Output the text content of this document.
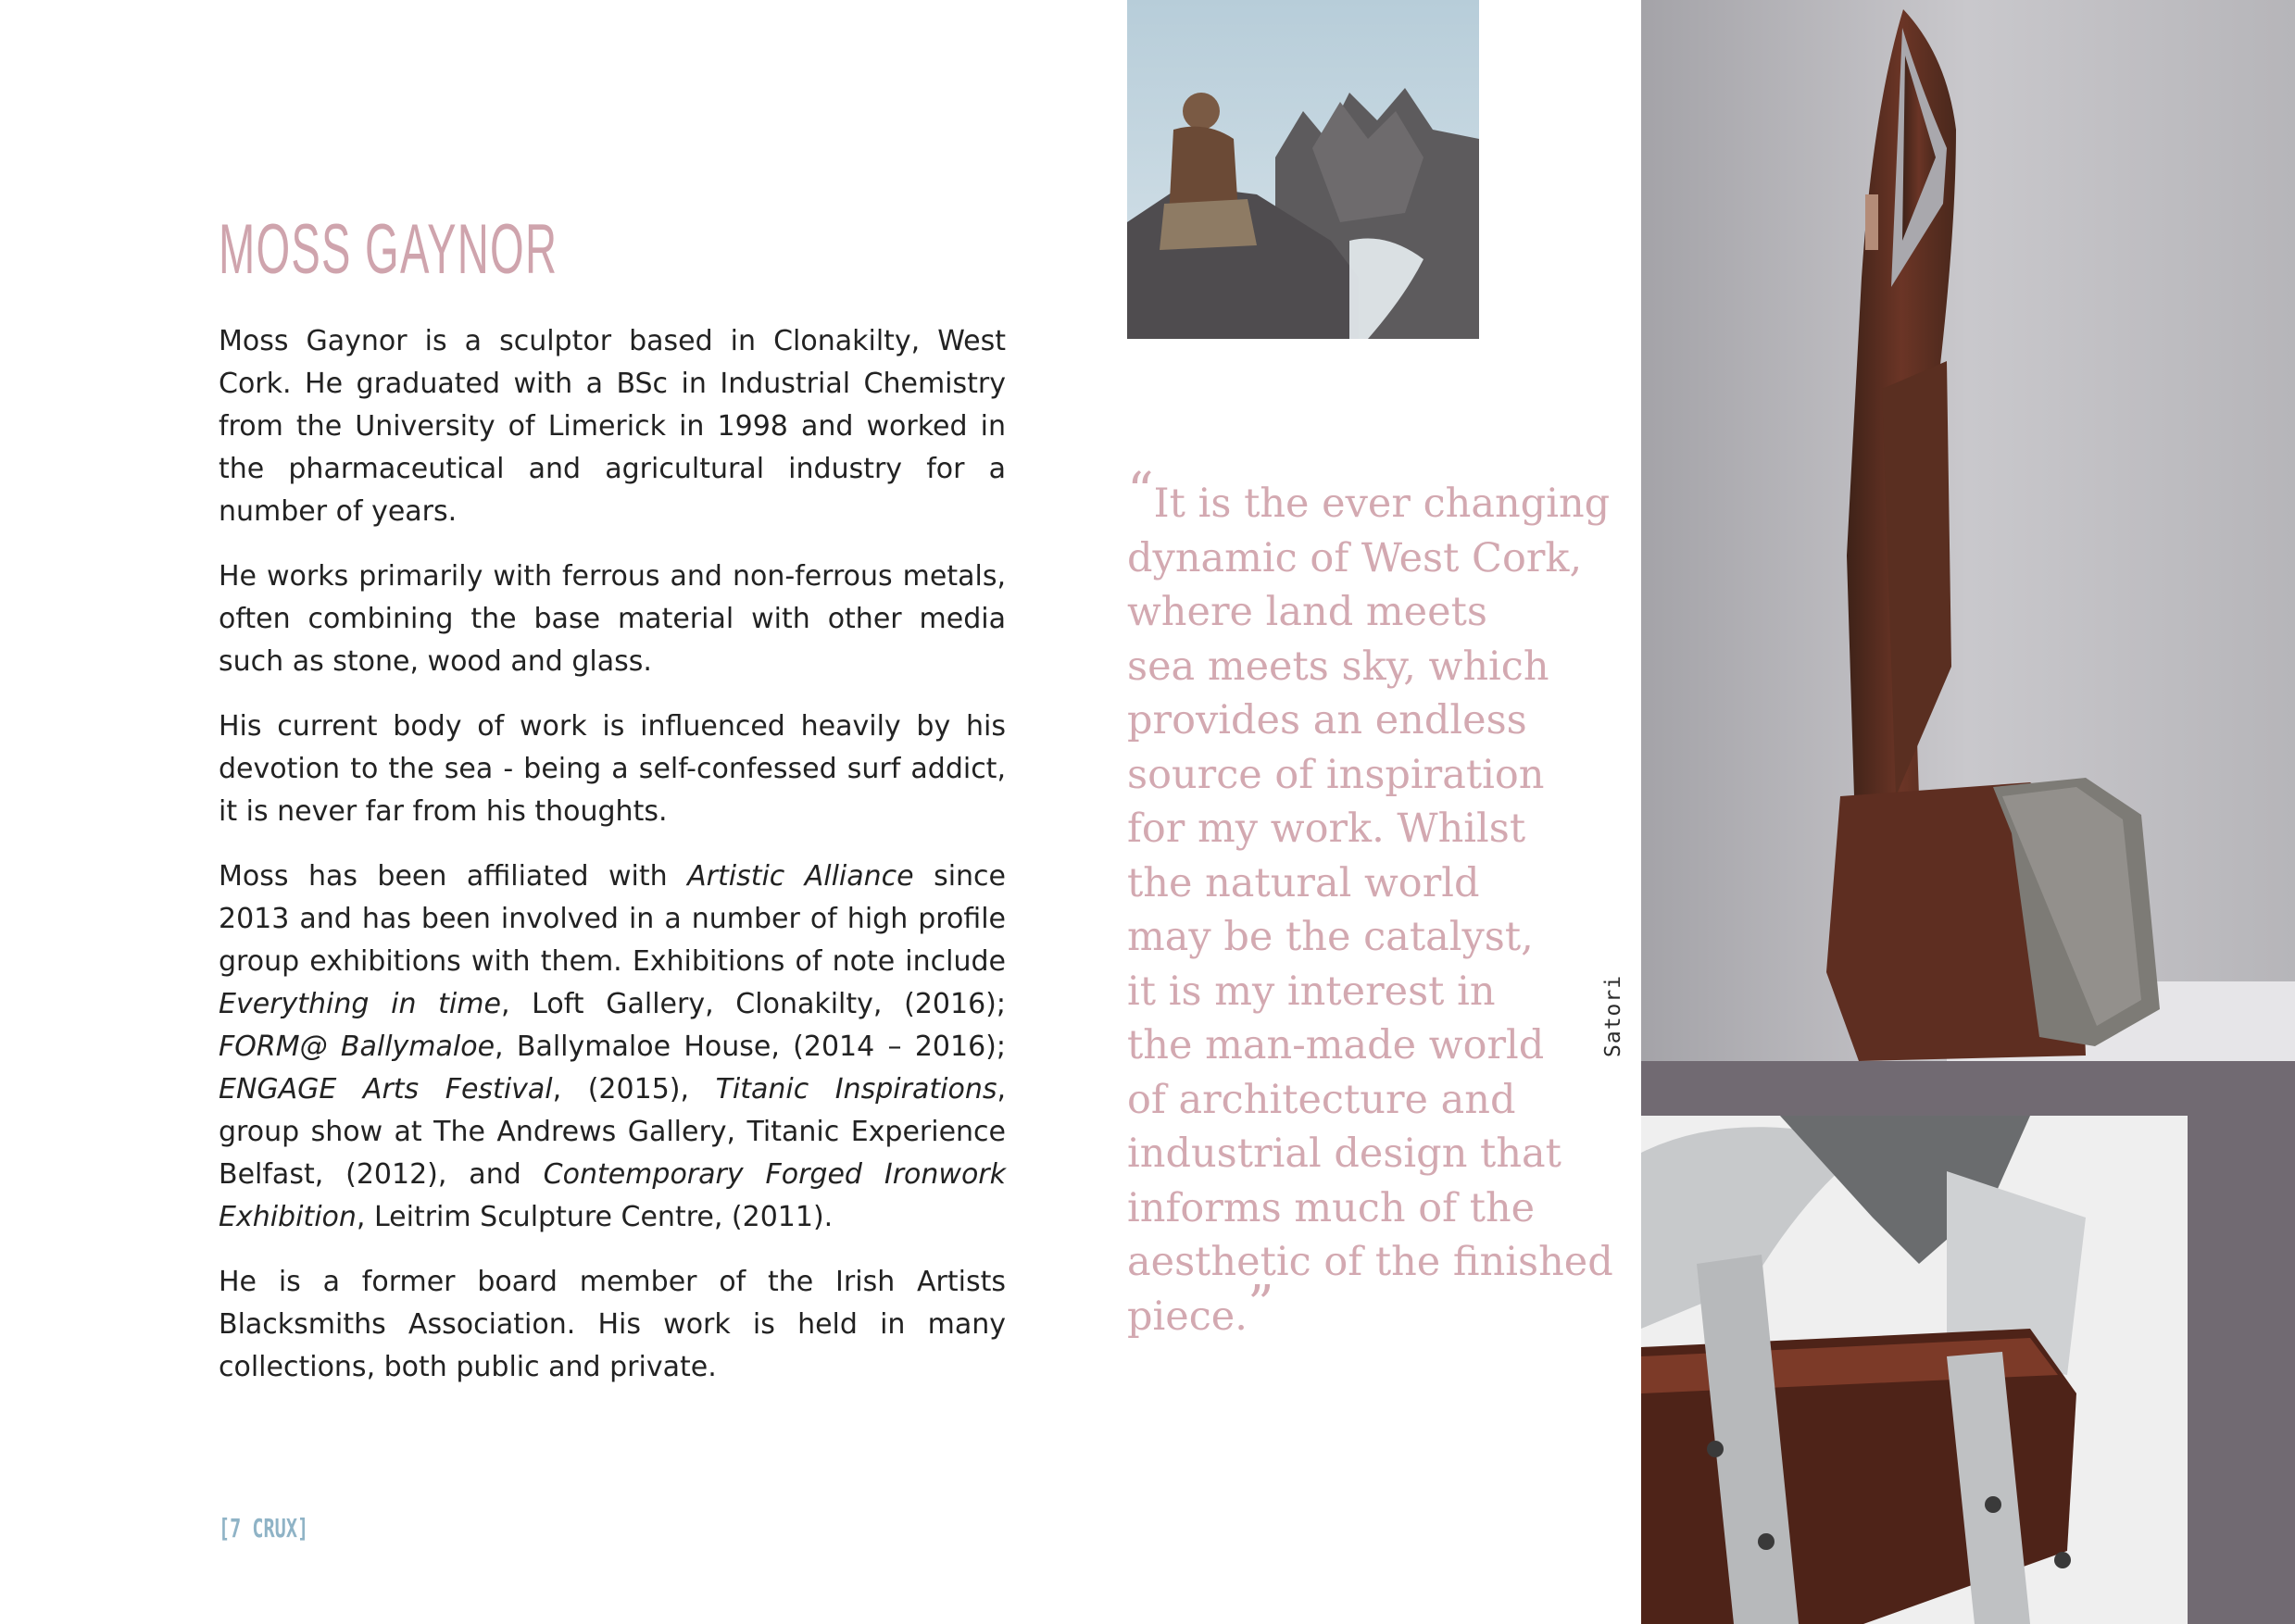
MOSS GAYNOR

Moss Gaynor is a sculptor based in Clonakilty, West Cork. He graduated with a BSc in Industrial Chemistry from the University of Limerick in 1998 and worked in the pharmaceutical and agricultural industry for a number of years.

He works primarily with ferrous and non-ferrous metals, often combining the base material with other media such as stone, wood and glass.

His current body of work is influenced heavily by his devotion to the sea - being a self-confessed surf addict, it is never far from his thoughts.

Moss has been affiliated with Artistic Alliance since 2013 and has been involved in a number of high profile group exhibitions with them. Exhibitions of note include Everything in time, Loft Gallery, Clonakilty, (2016); FORM@ Ballymaloe, Ballymaloe House, (2014 – 2016); ENGAGE Arts Festival, (2015), Titanic Inspirations, group show at The Andrews Gallery, Titanic Experience Belfast, (2012), and Contemporary Forged Ironwork Exhibition, Leitrim Sculpture Centre, (2011).

He is a former board member of the Irish Artists Blacksmiths Association. His work is held in many collections, both public and private.

[7 CRUX]
“It is the ever changing
dynamic of West Cork,
where land meets
sea meets sky, which
provides an endless
source of inspiration
for my work. Whilst
the natural world
may be the catalyst,
it is my interest in
the man-made world
of architecture and
industrial design that
informs much of the
aesthetic of the finished
piece.”
Satori
